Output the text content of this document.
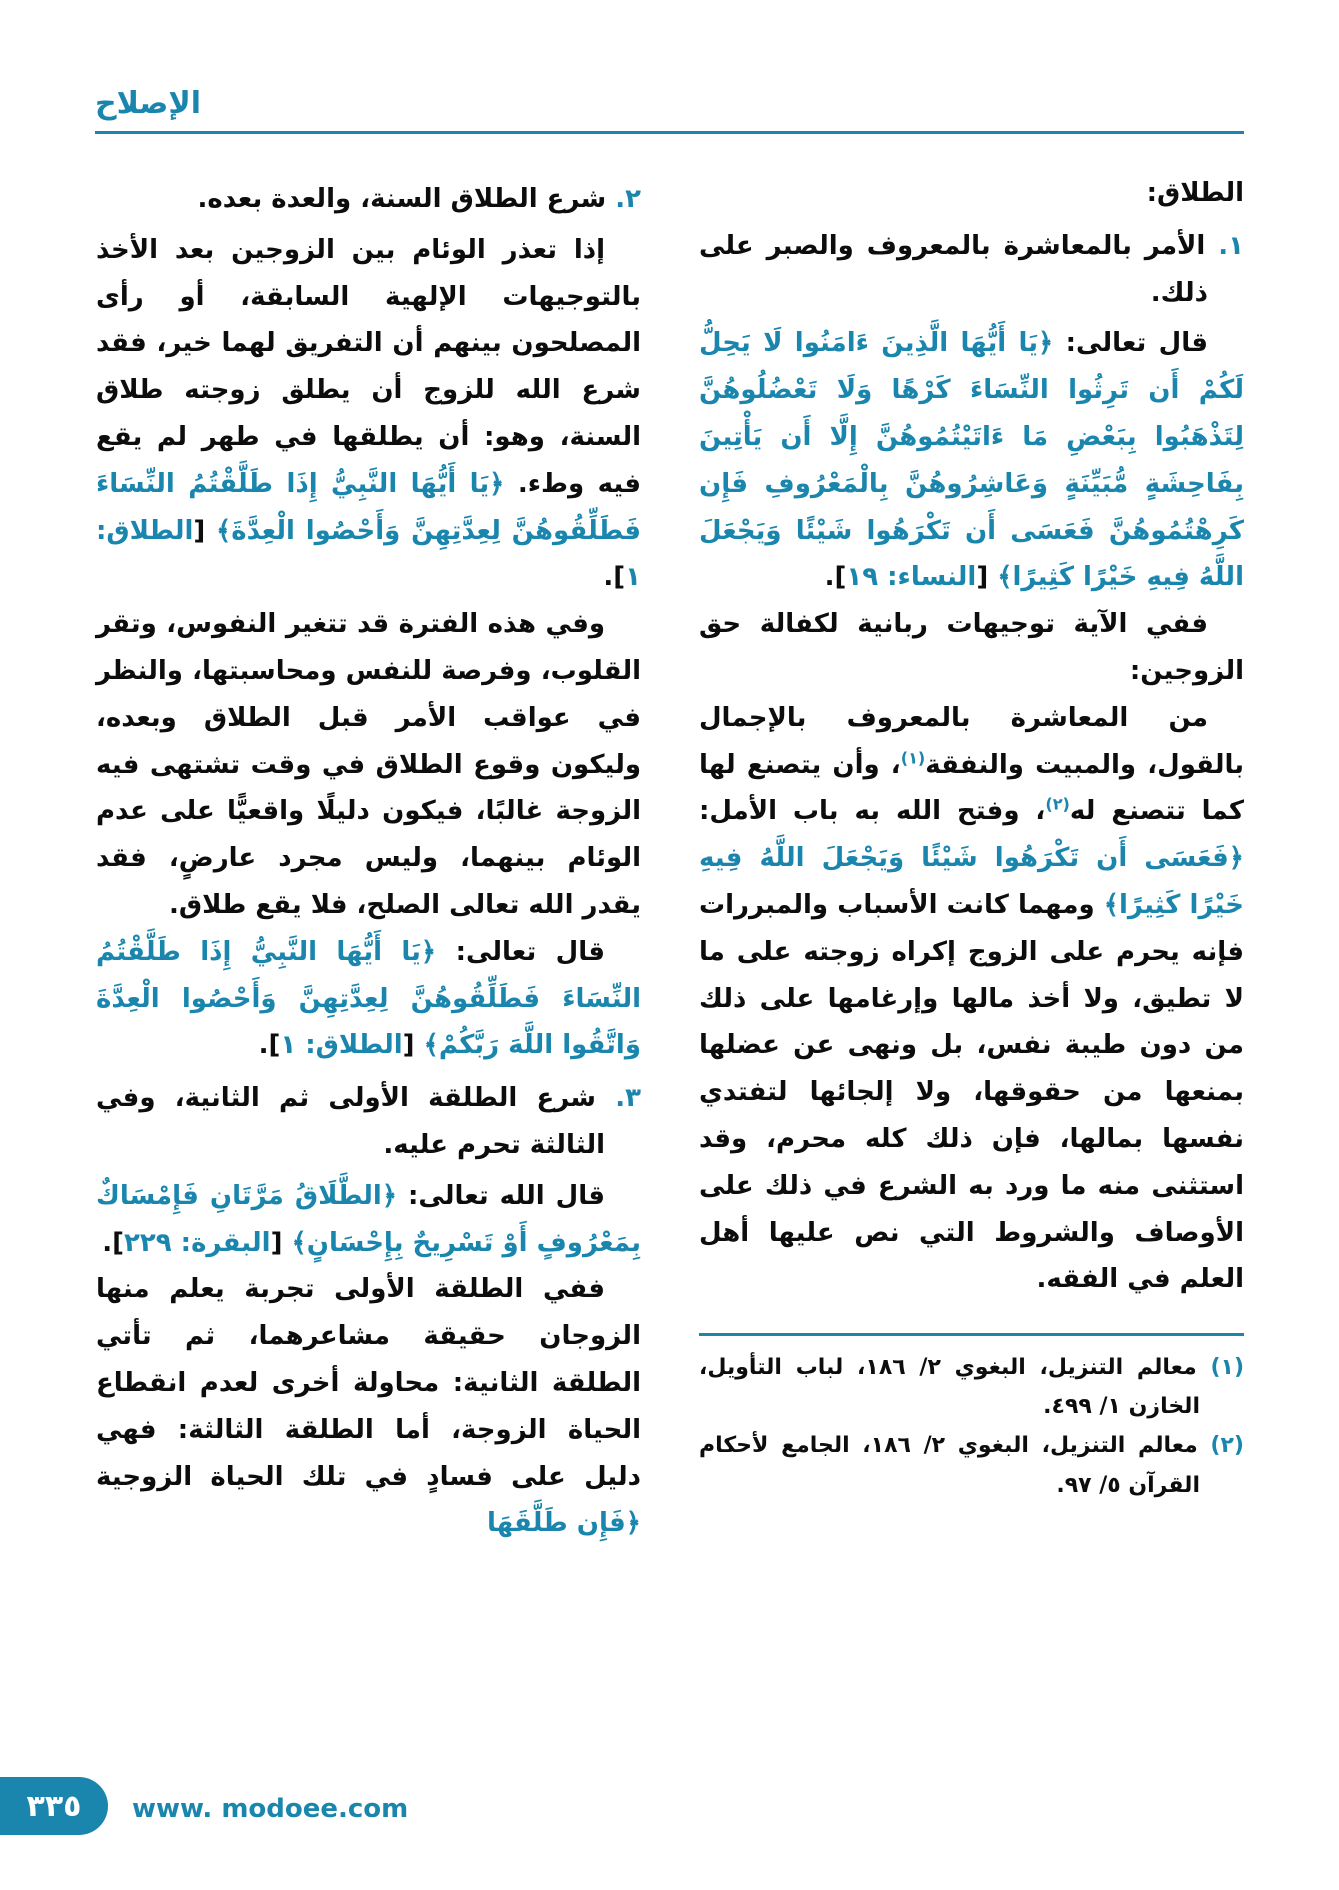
الإصلاح
الطلاق:
١. الأمر بالمعاشرة بالمعروف والصبر على ذلك.
قال تعالى: ﴿يَا أَيُّهَا الَّذِينَ ءَامَنُوا لَا يَحِلُّ لَكُمْ أَن تَرِثُوا النِّسَاءَ كَرْهًا وَلَا تَعْضُلُوهُنَّ لِتَذْهَبُوا بِبَعْضِ مَا ءَاتَيْتُمُوهُنَّ إِلَّا أَن يَأْتِينَ بِفَاحِشَةٍ مُّبَيِّنَةٍ وَعَاشِرُوهُنَّ بِالْمَعْرُوفِ فَإِن كَرِهْتُمُوهُنَّ فَعَسَى أَن تَكْرَهُوا شَيْئًا وَيَجْعَلَ اللَّهُ فِيهِ خَيْرًا كَثِيرًا﴾ [النساء: ١٩].
ففي الآية توجيهات ربانية لكفالة حق الزوجين:
من المعاشرة بالمعروف بالإجمال بالقول، والمبيت والنفقة$^{(١)}$، وأن يتصنع لها كما تتصنع له$^{(٢)}$، وفتح الله به باب الأمل: ﴿فَعَسَى أَن تَكْرَهُوا شَيْئًا وَيَجْعَلَ اللَّهُ فِيهِ خَيْرًا كَثِيرًا﴾ ومهما كانت الأسباب والمبررات فإنه يحرم على الزوج إكراه زوجته على ما لا تطيق، ولا أخذ مالها وإرغامها على ذلك من دون طيبة نفس، بل ونهى عن عضلها بمنعها من حقوقها، ولا إلجائها لتفتدي نفسها بمالها، فإن ذلك كله محرم، وقد استثنى منه ما ورد به الشرع في ذلك على الأوصاف والشروط التي نص عليها أهل العلم في الفقه.
(١) معالم التنزيل، البغوي ٢/ ١٨٦، لباب التأويل، الخازن ١/ ٤٩٩.
(٢) معالم التنزيل، البغوي ٢/ ١٨٦، الجامع لأحكام القرآن ٥/ ٩٧.
٢. شرع الطلاق السنة، والعدة بعده.
إذا تعذر الوئام بين الزوجين بعد الأخذ بالتوجيهات الإلهية السابقة، أو رأى المصلحون بينهم أن التفريق لهما خير، فقد شرع الله للزوج أن يطلق زوجته طلاق السنة، وهو: أن يطلقها في طهر لم يقع فيه وطء. ﴿يَا أَيُّهَا النَّبِيُّ إِذَا طَلَّقْتُمُ النِّسَاءَ فَطَلِّقُوهُنَّ لِعِدَّتِهِنَّ وَأَحْصُوا الْعِدَّةَ﴾ [الطلاق: ١].
وفي هذه الفترة قد تتغير النفوس، وتقر القلوب، وفرصة للنفس ومحاسبتها، والنظر في عواقب الأمر قبل الطلاق وبعده، وليكون وقوع الطلاق في وقت تشتهى فيه الزوجة غالبًا، فيكون دليلًا واقعيًّا على عدم الوئام بينهما، وليس مجرد عارضٍ، فقد يقدر الله تعالى الصلح، فلا يقع طلاق.
قال تعالى: ﴿يَا أَيُّهَا النَّبِيُّ إِذَا طَلَّقْتُمُ النِّسَاءَ فَطَلِّقُوهُنَّ لِعِدَّتِهِنَّ وَأَحْصُوا الْعِدَّةَ وَاتَّقُوا اللَّهَ رَبَّكُمْ﴾ [الطلاق: ١].
٣. شرع الطلقة الأولى ثم الثانية، وفي الثالثة تحرم عليه.
قال الله تعالى: ﴿الطَّلَاقُ مَرَّتَانِ فَإِمْسَاكٌ بِمَعْرُوفٍ أَوْ تَسْرِيحٌ بِإِحْسَانٍ﴾ [البقرة: ٢٢٩].
ففي الطلقة الأولى تجربة يعلم منها الزوجان حقيقة مشاعرهما، ثم تأتي الطلقة الثانية: محاولة أخرى لعدم انقطاع الحياة الزوجة، أما الطلقة الثالثة: فهي دليل على فسادٍ في تلك الحياة الزوجية ﴿فَإِن طَلَّقَهَا
٣٣٥ www. modoee.com
